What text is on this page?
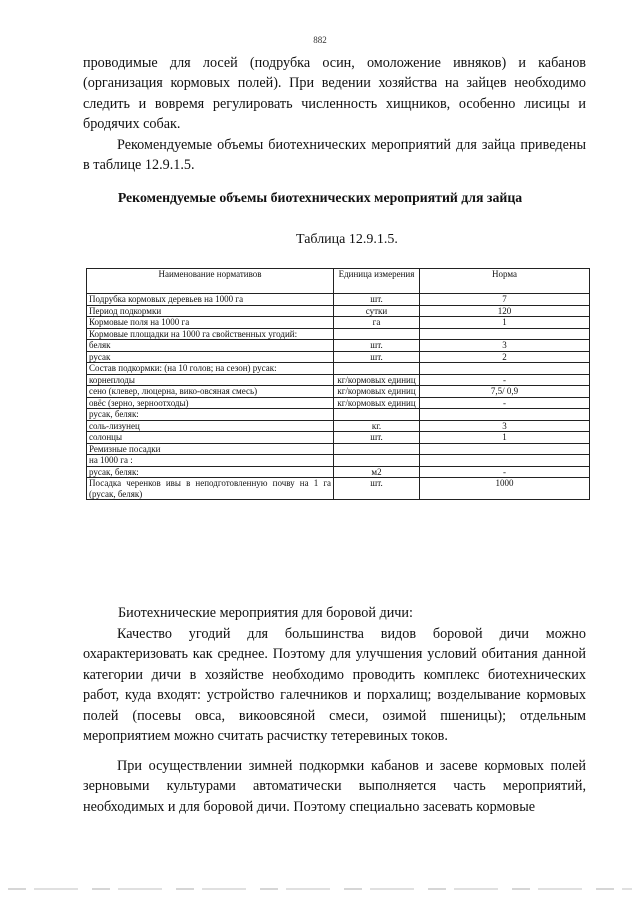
882
проводимые для лосей (подрубка осин, омоложение ивняков) и кабанов
(организация кормовых полей). При ведении хозяйства на зайцев необходимо
следить и вовремя регулировать численность хищников, особенно лисицы и
бродячих собак.

Рекомендуемые объемы биотехнических мероприятий для зайца приведены в таблице 12.9.1.5.

Рекомендуемые объемы биотехнических мероприятий для зайца

Таблица 12.9.1.5.

Наименование нормативов	Единица измерения	Норма
Подрубка кормовых деревьев на 1000 га	шт.	7
Период подкормки	сутки	120
Кормовые поля на 1000 га	га	1
Кормовые площадки на 1000 га свойственных угодий:		
беляк	шт.	3
русак	шт.	2
Состав подкормки: (на 10 голов; на сезон) русак:		
корнеплоды	кг/кормовых единиц	-
сено (клевер, люцерна, вико-овсяная смесь)	кг/кормовых единиц	7,5/ 0,9
овёс (зерно, зерноотходы)	кг/кормовых единиц	-
русак, беляк:		
соль-лизунец	кг.	3
солонцы	шт.	1
Ремизные посадки		
на 1000 га :		
русак, беляк:	м2	-
Посадка черенков ивы в неподготовленную почву на 1 га (русак, беляк)	шт.	1000

Биотехнические мероприятия для боровой дичи:

Качество угодий для большинства видов боровой дичи можно охарактеризовать как среднее. Поэтому для улучшения условий обитания данной категории дичи в хозяйстве необходимо проводить комплекс биотехнических работ, куда входят: устройство галечников и порхалищ; возделывание кормовых полей (посевы овса, викоовсяной смеси, озимой пшеницы); отдельным мероприятием можно считать расчистку тетеревиных токов.

При осуществлении зимней подкормки кабанов и засеве кормовых полей зерновыми культурами автоматически выполняется часть мероприятий, необходимых и для боровой дичи. Поэтому специально засевать кормовые
